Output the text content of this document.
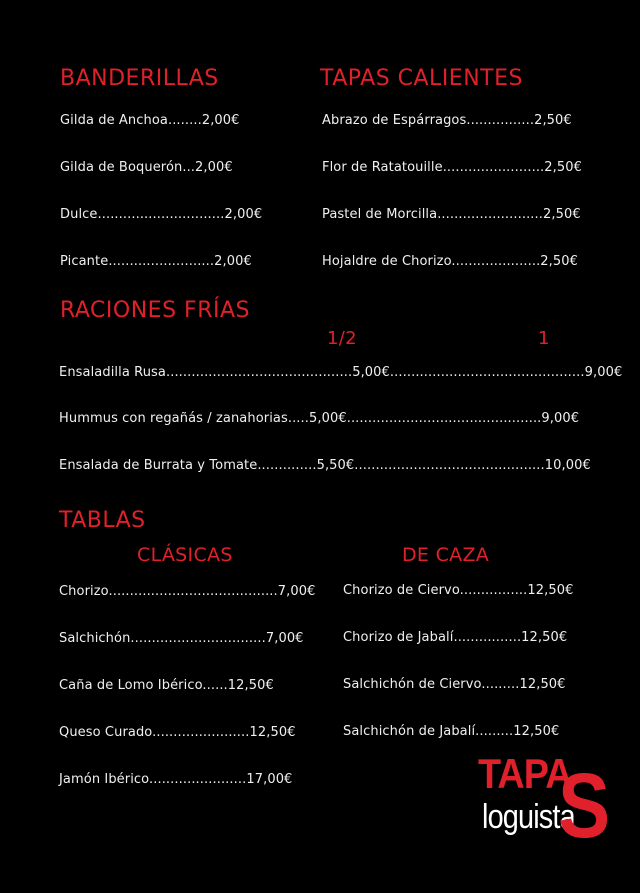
BANDERILLAS
Gilda de Anchoa........2,00€
Gilda de Boquerón...2,00€
Dulce..............................2,00€
Picante.........................2,00€
TAPAS CALIENTES
Abrazo de Espárragos................2,50€
Flor de Ratatouille........................2,50€
Pastel de Morcilla.........................2,50€
Hojaldre de Chorizo.....................2,50€
RACIONES FRÍAS
1/2	1
Ensaladilla Rusa............................................5,00€..............................................9,00€
Hummus con regañás / zanahorias.....5,00€..............................................9,00€
Ensalada de Burrata y Tomate..............5,50€.............................................10,00€
TABLAS
CLÁSICAS	DE CAZA
Chorizo........................................7,00€
Salchichón................................7,00€
Caña de Lomo Ibérico......12,50€
Queso Curado.......................12,50€
Jamón Ibérico.......................17,00€
Chorizo de Ciervo................12,50€
Chorizo de Jabalí................12,50€
Salchichón de Ciervo.........12,50€
Salchichón de Jabalí.........12,50€
TAPA
loguista
S
